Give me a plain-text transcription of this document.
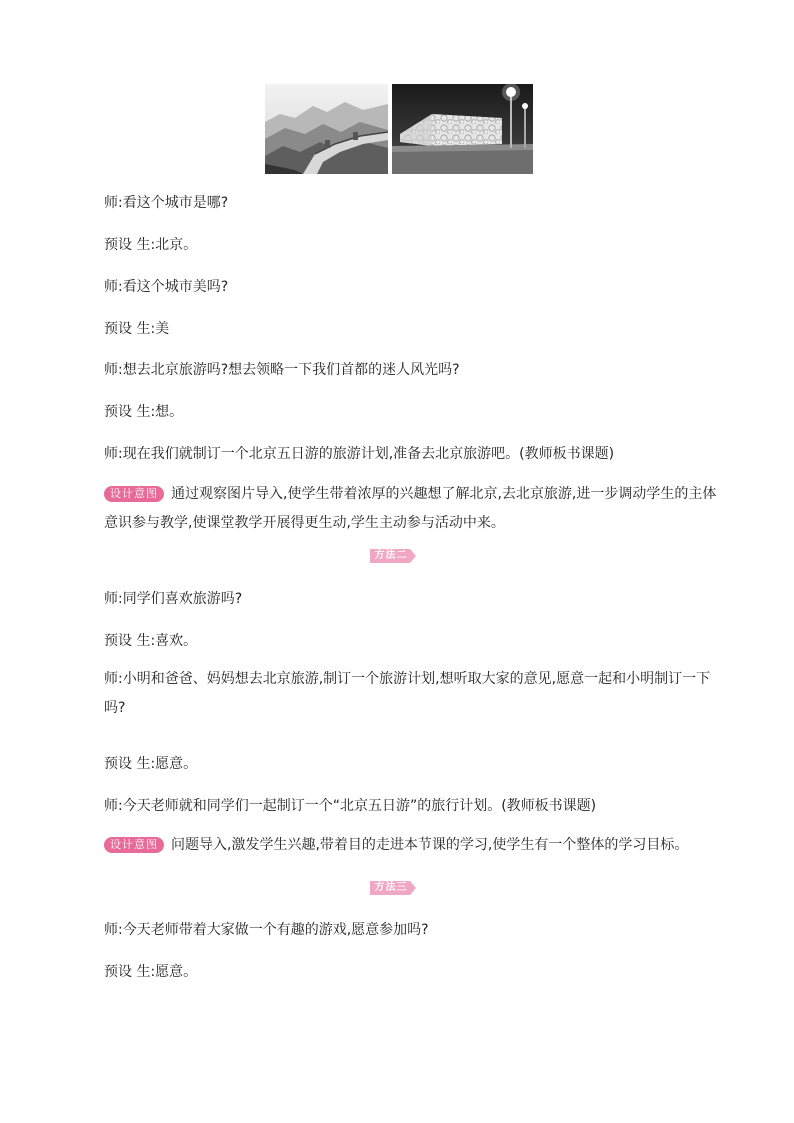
师:看这个城市是哪?

预设 生:北京。

师:看这个城市美吗?

预设 生:美

师:想去北京旅游吗?想去领略一下我们首都的迷人风光吗?

预设 生:想。

师:现在我们就制订一个北京五日游的旅游计划,准备去北京旅游吧。(教师板书课题)

设计意图 通过观察图片导入,使学生带着浓厚的兴趣想了解北京,去北京旅游,进一步调动学生的主体意识参与教学,使课堂教学开展得更生动,学生主动参与活动中来。

方法二

师:同学们喜欢旅游吗?

预设 生:喜欢。

师:小明和爸爸、妈妈想去北京旅游,制订一个旅游计划,想听取大家的意见,愿意一起和小明制订一下吗?

预设 生:愿意。

师:今天老师就和同学们一起制订一个“北京五日游”的旅行计划。(教师板书课题)

设计意图 问题导入,激发学生兴趣,带着目的走进本节课的学习,使学生有一个整体的学习目标。

方法三

师:今天老师带着大家做一个有趣的游戏,愿意参加吗?

预设 生:愿意。
